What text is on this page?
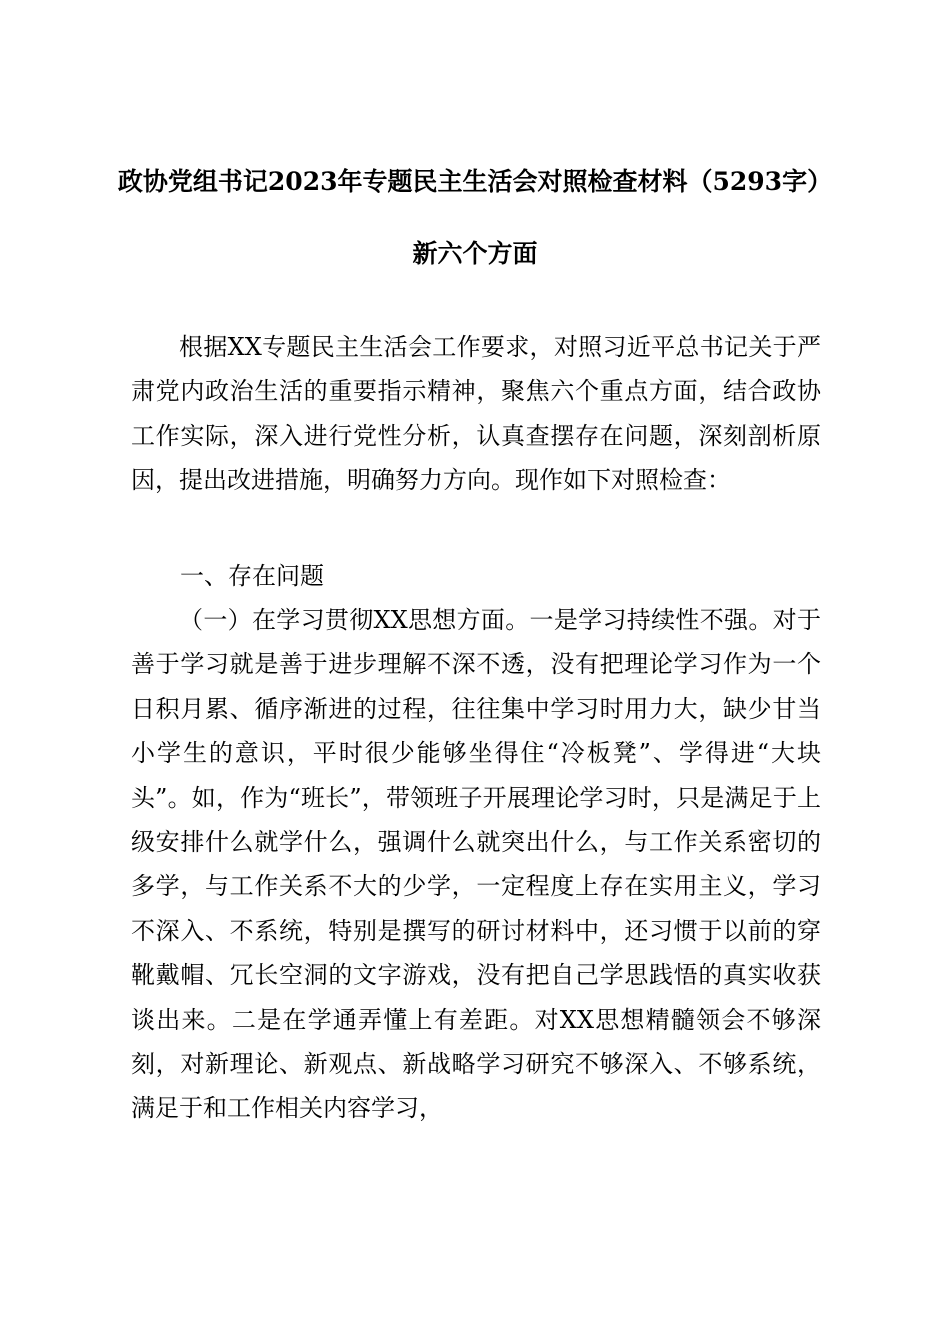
政协党组书记2023年专题民主生活会对照检查材料（5293字）
新六个方面

根据XX专题民主生活会工作要求，对照习近平总书记关于严肃党内政治生活的重要指示精神，聚焦六个重点方面，结合政协工作实际，深入进行党性分析，认真查摆存在问题，深刻剖析原因，提出改进措施，明确努力方向。现作如下对照检查：

一、存在问题

（一）在学习贯彻XX思想方面。一是学习持续性不强。对于善于学习就是善于进步理解不深不透，没有把理论学习作为一个日积月累、循序渐进的过程，往往集中学习时用力大，缺少甘当小学生的意识，平时很少能够坐得住“冷板凳”、学得进“大块头”。如，作为“班长”，带领班子开展理论学习时，只是满足于上级安排什么就学什么，强调什么就突出什么，与工作关系密切的多学，与工作关系不大的少学，一定程度上存在实用主义，学习不深入、不系统，特别是撰写的研讨材料中，还习惯于以前的穿靴戴帽、冗长空洞的文字游戏，没有把自己学思践悟的真实收获谈出来。二是在学通弄懂上有差距。对XX思想精髓领会不够深刻，对新理论、新观点、新战略学习研究不够深入、不够系统，满足于和工作相关内容学习，
